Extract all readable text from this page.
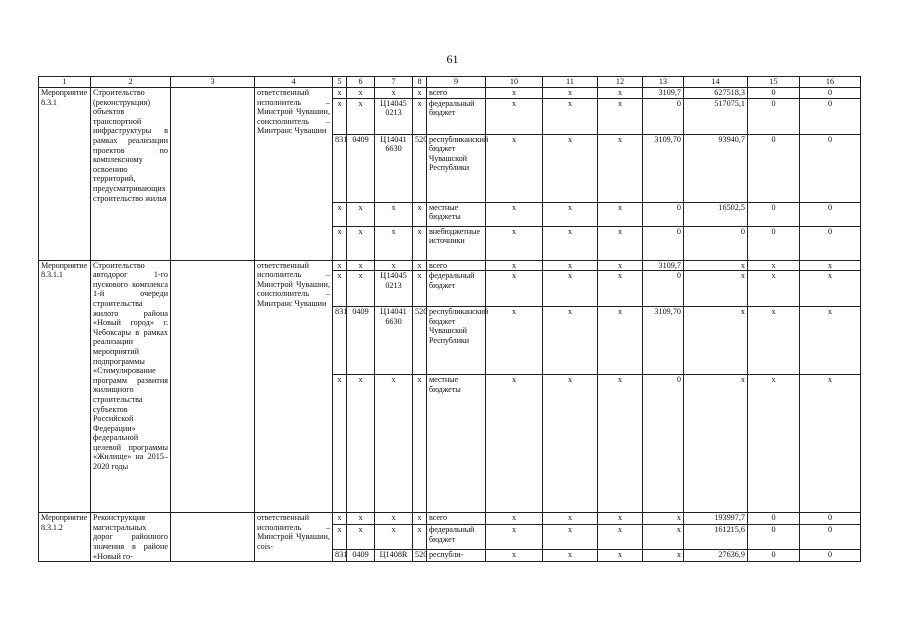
61
1	2	3	4	5	6	7	8	9	10	11	12	13	14	15	16
Мероприятие 8.3.1	Строительство (реконструкция) объектов транспортной инфраструктуры в рамках реализации проектов по комплексному освоению территорий, предусматривающих строительство жилья		ответственный исполнитель – Минстрой Чувашии, соисполнитель – Минтранс Чувашии	x	x	x	x	всего	x	x	x	3109,7	627518,3	0	0
				x	x	Ц14045 0213	x	федеральный бюджет	x	x	x	0	517075,1	0	0
				831	0409	Ц14041 6630	520	республиканский бюджет Чувашской Республики	x	x	x	3109,70	93940,7	0	0
				x	x	x	x	местные бюджеты	x	x	x	0	16502,5	0	0
				x	x	x	x	внебюджетные источники	x	x	x	0	0	0	0
Мероприятие 8.3.1.1	Строительство автодорог 1-го пускового комплекса 1-й очереди строительства жилого района «Новый город» г. Чебоксары в рамках реализации мероприятий подпрограммы «Стимулирование программ развития жилищного строительства субъектов Российской Федерации» федеральной целевой программы «Жилище» на 2015–2020 годы		ответственный исполнитель – Минстрой Чувашии, соисполнитель – Минтранс Чувашии	x	x	x	x	всего	x	x	x	3109,7	x	x	x
				x	x	Ц14045 0213	x	федеральный бюджет	x	x	x	0	x	x	x
				831	0409	Ц14041 6630	520	республиканский бюджет Чувашской Республики	x	x	x	3109,70	x	x	x
				x	x	x	x	местные бюджеты	x	x	x	0	x	x	x
Мероприятие 8.3.1.2	Реконструкция магистральных дорог районного значения в районе «Новый го-		ответственный исполнитель – Минстрой Чувашии, сois-	x	x	x	x	всего	x	x	x	x	193997,7	0	0
				x	x	x	x	федеральный бюджет	x	x	x	x	161215,6	0	0
				831	0409	Ц1408R	520	республи-	x	x	x	x	27636,9	0	0
